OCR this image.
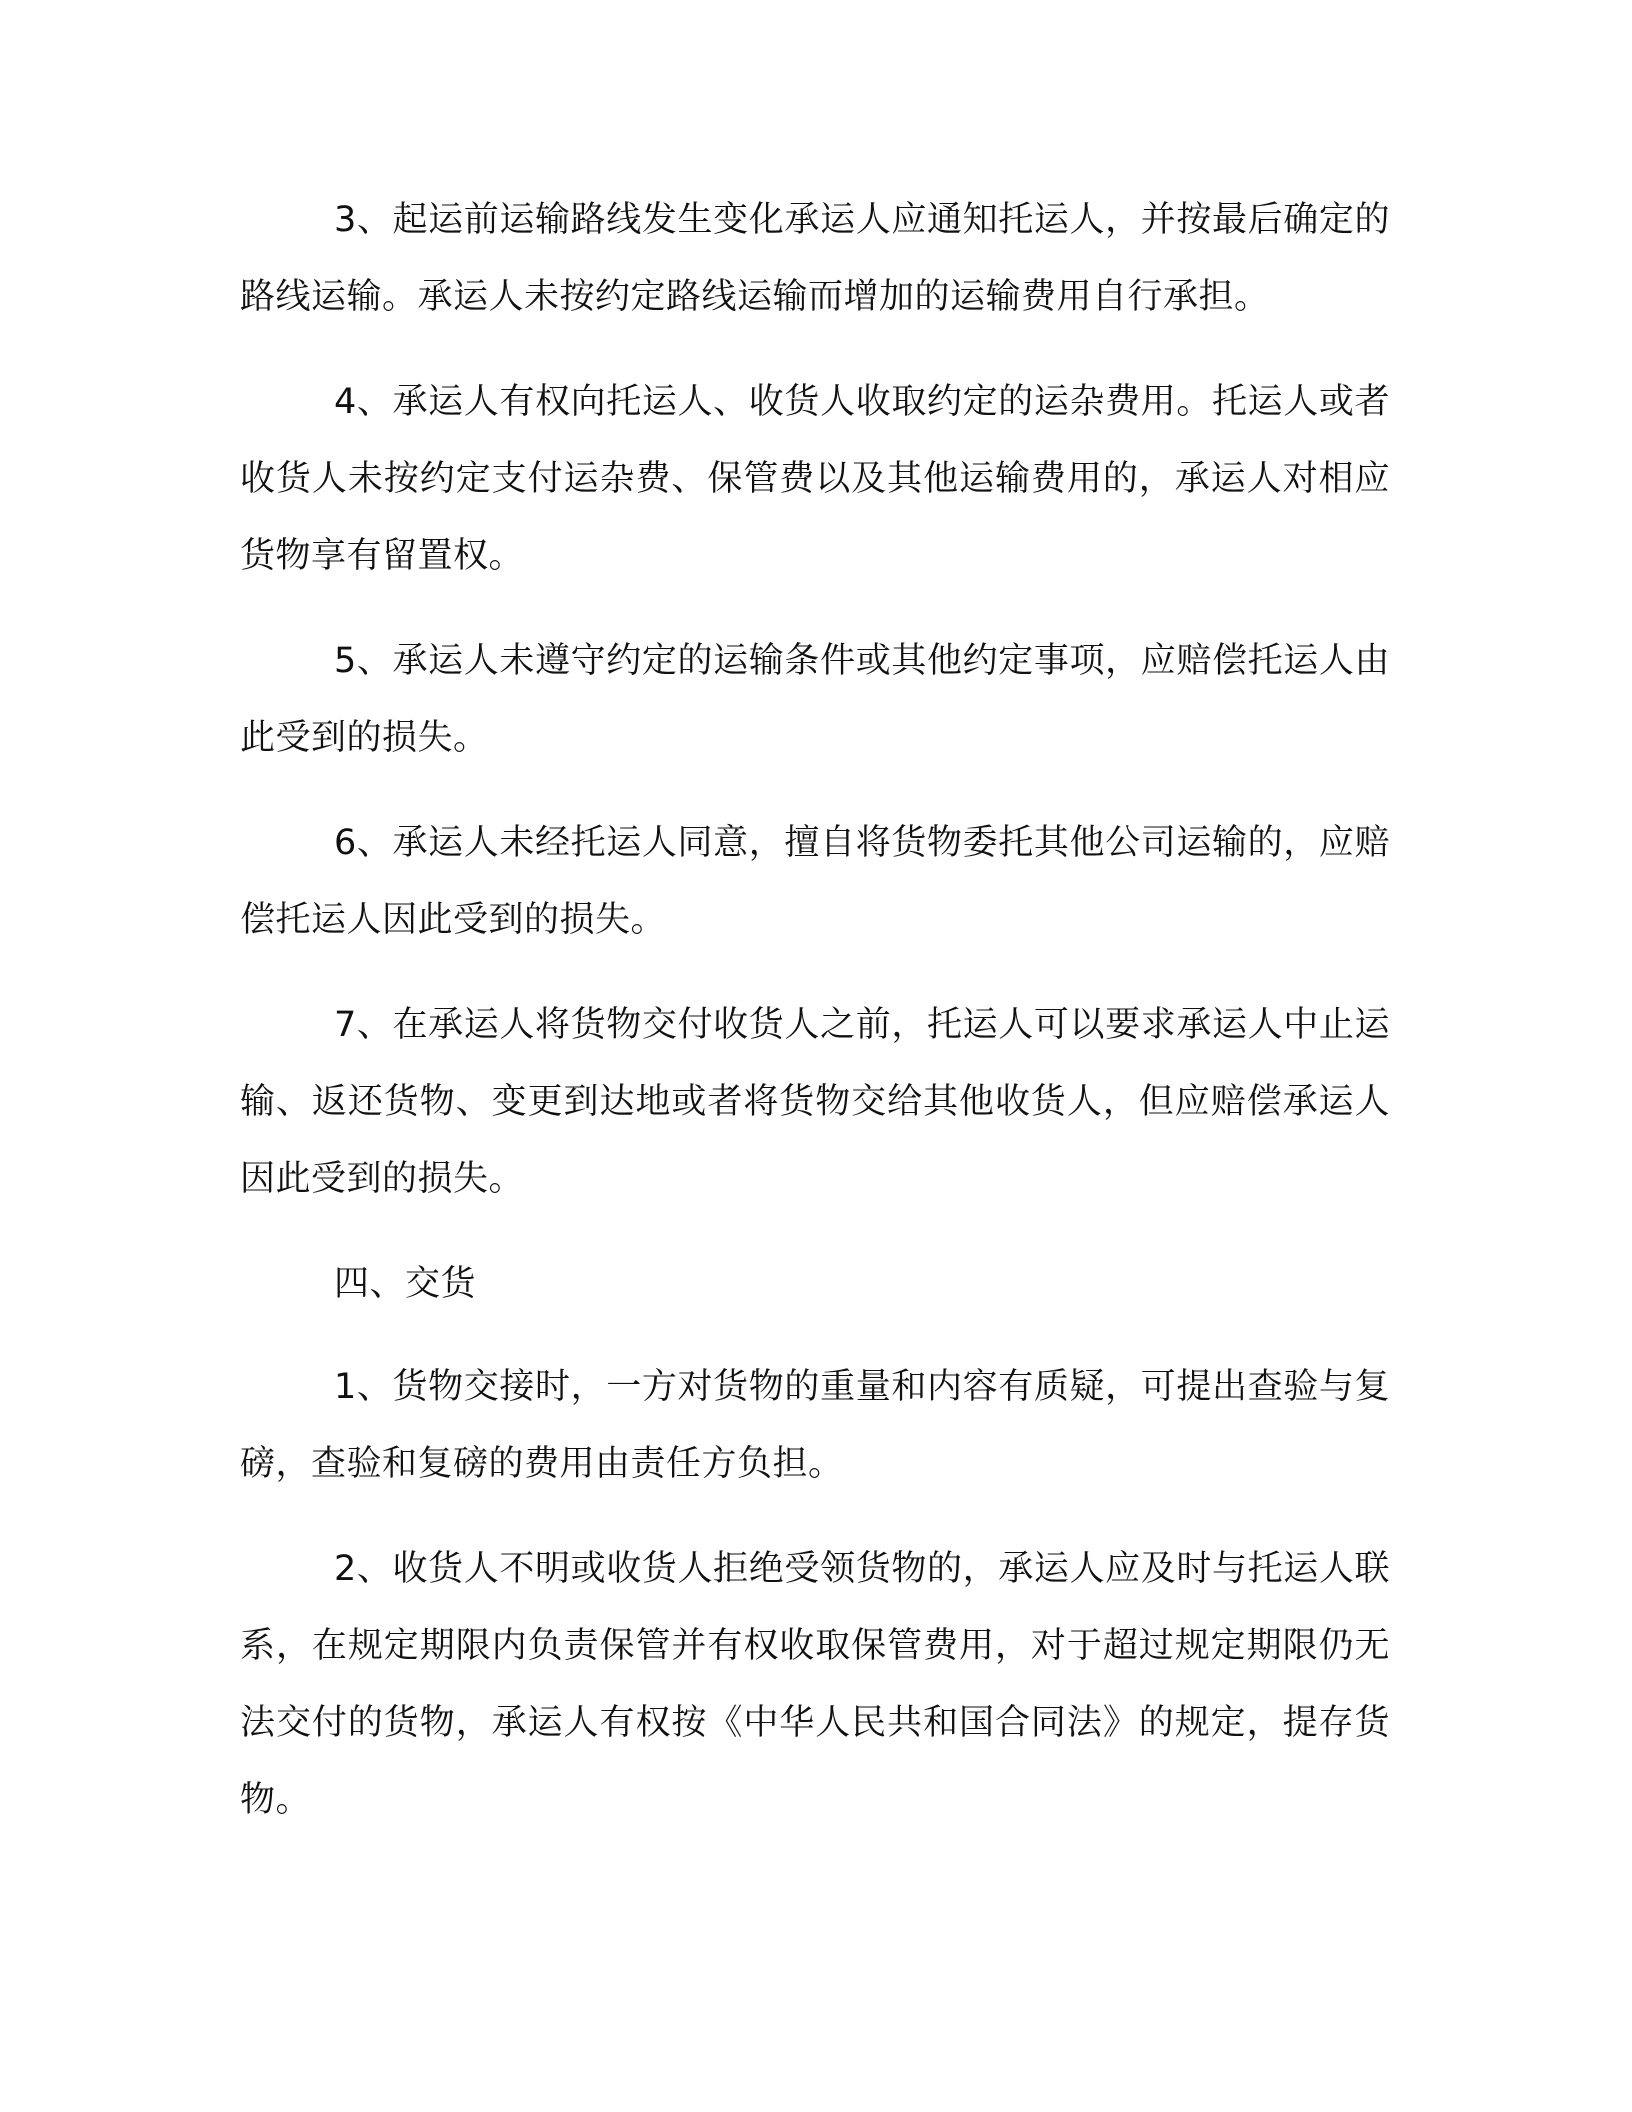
3、起运前运输路线发生变化承运人应通知托运人，并按最后确定的路线运输。承运人未按约定路线运输而增加的运输费用自行承担。

4、承运人有权向托运人、收货人收取约定的运杂费用。托运人或者收货人未按约定支付运杂费、保管费以及其他运输费用的，承运人对相应货物享有留置权。

5、承运人未遵守约定的运输条件或其他约定事项，应赔偿托运人由此受到的损失。

6、承运人未经托运人同意，擅自将货物委托其他公司运输的，应赔偿托运人因此受到的损失。

7、在承运人将货物交付收货人之前，托运人可以要求承运人中止运输、返还货物、变更到达地或者将货物交给其他收货人，但应赔偿承运人因此受到的损失。

四、交货

1、货物交接时，一方对货物的重量和内容有质疑，可提出查验与复磅，查验和复磅的费用由责任方负担。

2、收货人不明或收货人拒绝受领货物的，承运人应及时与托运人联系，在规定期限内负责保管并有权收取保管费用，对于超过规定期限仍无法交付的货物，承运人有权按《中华人民共和国合同法》的规定，提存货物。
